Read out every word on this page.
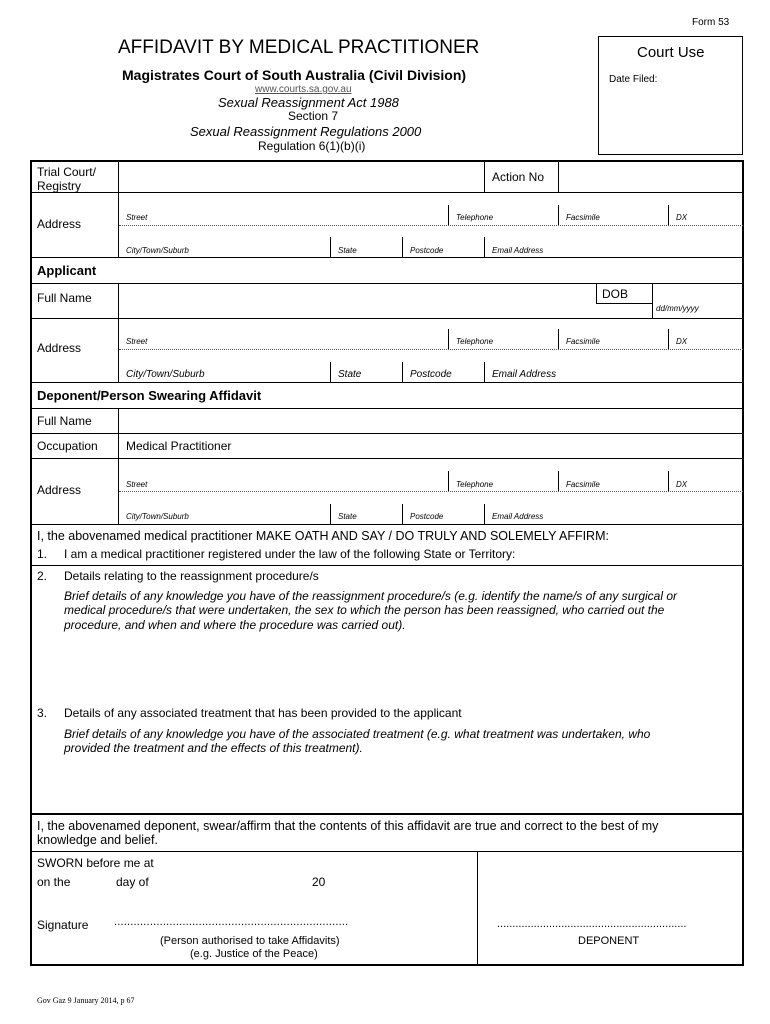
Form 53
AFFIDAVIT BY MEDICAL PRACTITIONER
Magistrates Court of South Australia (Civil Division)
www.courts.sa.gov.au
Sexual Reassignment Act 1988
Section 7
Sexual Reassignment Regulations 2000
Regulation 6(1)(b)(i)
Court Use
Date Filed:
Trial Court/
Registry
Action No
Address	Street	Telephone	Facsimile	DX
City/Town/Suburb	State	Postcode	Email Address
Applicant
Full Name	DOB
dd/mm/yyyy
Address	Street	Telephone	Facsimile	DX
City/Town/Suburb	State	Postcode	Email Address
Deponent/Person Swearing Affidavit
Full Name
Occupation Medical Practitioner
Address	Street	Telephone	Facsimile	DX
City/Town/Suburb	State	Postcode	Email Address
I, the abovenamed medical practitioner MAKE OATH AND SAY / DO TRULY AND SOLEMELY AFFIRM:
1. I am a medical practitioner registered under the law of the following State or Territory:
2. Details relating to the reassignment procedure/s
Brief details of any knowledge you have of the reassignment procedure/s (e.g. identify the name/s of any surgical or
medical procedure/s that were undertaken, the sex to which the person has been reassigned, who carried out the
procedure, and when and where the procedure was carried out).
3. Details of any associated treatment that has been provided to the applicant
Brief details of any knowledge you have of the associated treatment (e.g. what treatment was undertaken, who
provided the treatment and the effects of this treatment).
I, the abovenamed deponent, swear/affirm that the contents of this affidavit are true and correct to the best of my
knowledge and belief.
SWORN before me at
on the	day of	20
Signature ........................................................................
(Person authorised to take Affidavits)
(e.g. Justice of the Peace)
..............................................................
DEPONENT
Gov Gaz 9 January 2014, p 67
